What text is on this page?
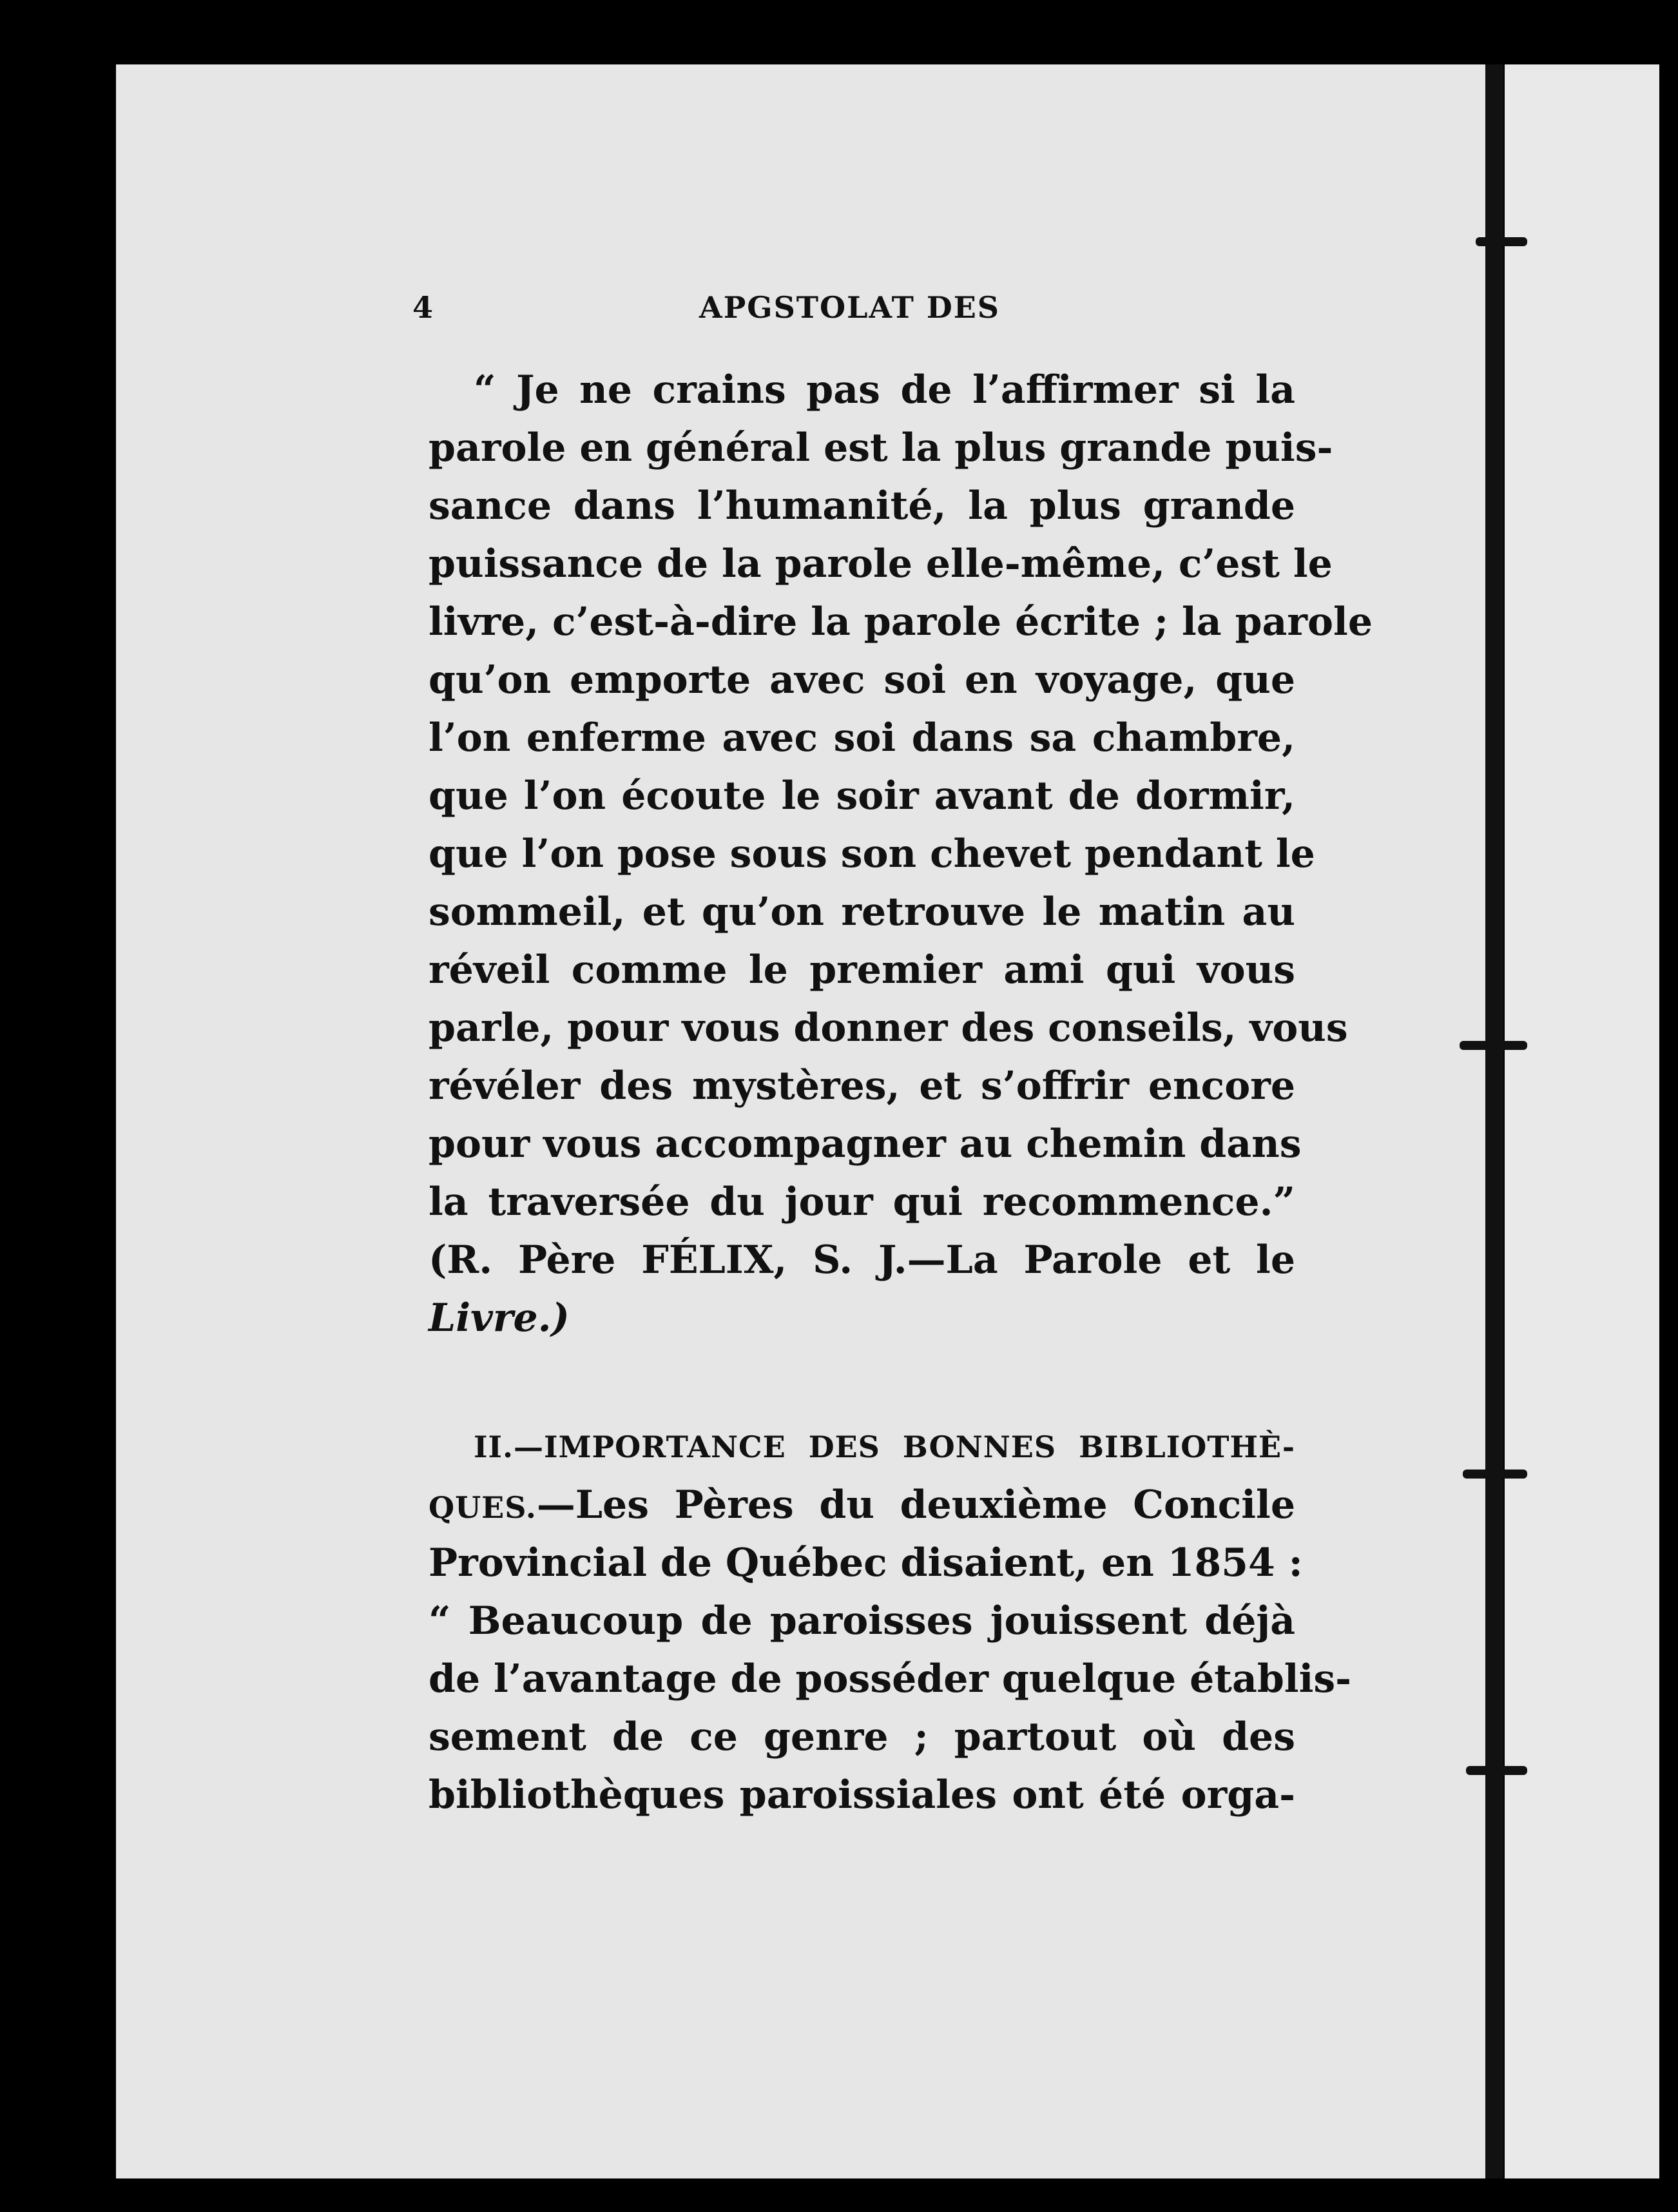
4	APGSTOLAT DES
“ Je ne crains pas de l’affirmer si la
parole en général est la plus grande puis-
sance dans l’humanité, la plus grande
puissance de la parole elle-même, c’est le
livre, c’est-à-dire la parole écrite ; la parole
qu’on emporte avec soi en voyage, que
l’on enferme avec soi dans sa chambre,
que l’on écoute le soir avant de dormir,
que l’on pose sous son chevet pendant le
sommeil, et qu’on retrouve le matin au
réveil comme le premier ami qui vous
parle, pour vous donner des conseils, vous
révéler des mystères, et s’offrir encore
pour vous accompagner au chemin dans
la traversée du jour qui recommence.”
(R. Père FÉLIX, S. J.—La Parole et le
Livre.)
II.—IMPORTANCE DES BONNES BIBLIOTHÈ-
QUES.—Les Pères du deuxième Concile
Provincial de Québec disaient, en 1854 :
“ Beaucoup de paroisses jouissent déjà
de l’avantage de posséder quelque établis-
sement de ce genre ; partout où des
bibliothèques paroissiales ont été orga-
